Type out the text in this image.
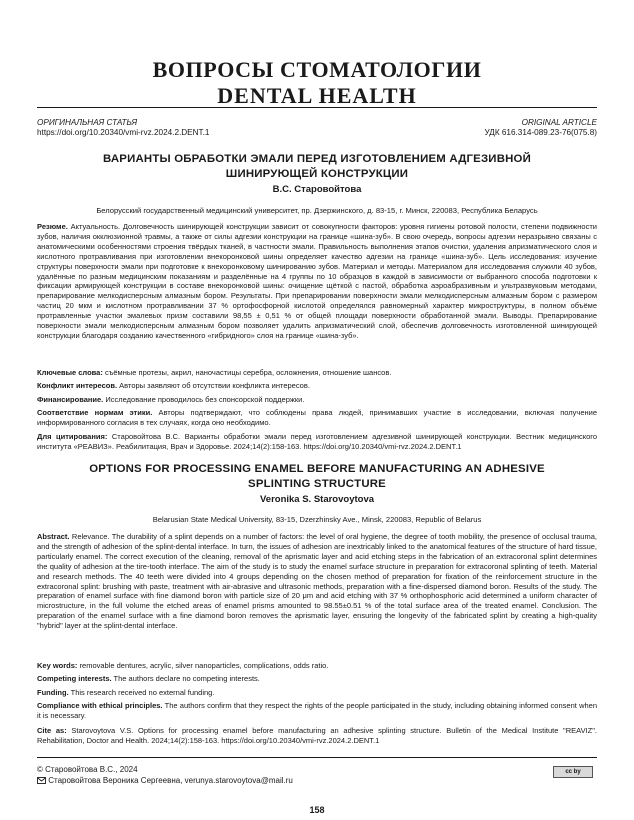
ВОПРОСЫ СТОМАТОЛОГИИ
DENTAL HEALTH
ОРИГИНАЛЬНАЯ СТАТЬЯ	ORIGINAL ARTICLE
https://doi.org/10.20340/vmi-rvz.2024.2.DENT.1	УДК 616.314-089.23-76(075.8)
ВАРИАНТЫ ОБРАБОТКИ ЭМАЛИ ПЕРЕД ИЗГОТОВЛЕНИЕМ АДГЕЗИВНОЙ
ШИНИРУЮЩЕЙ КОНСТРУКЦИИ
В.С. Старовойтова
Белорусский государственный медицинский университет, пр. Дзержинского, д. 83-15, г. Минск, 220083, Республика Беларусь
Резюме. Актуальность. Долговечность шинирующей конструкции зависит от совокупности факторов: уровня гигиены ротовой полости, степени подвижности зубов, наличия окклюзионной травмы, а также от силы адгезии конструкции на границе «шина-зуб». В свою очередь, вопросы адгезии неразрывно связаны с анатомическими особенностями строения твёрдых тканей, в частности эмали. Правильность выполнения этапов очистки, удаления апризматического слоя и кислотного протравливания при изготовлении внекоронковой шины определяет качество адгезии на границе «шина-зуб». Цель исследования: изучение структуры поверхности эмали при подготовке к внекоронковому шинированию зубов. Материал и методы. Материалом для исследования служили 40 зубов, удалённые по разным медицинским показаниям и разделённые на 4 группы по 10 образцов в каждой в зависимости от выбранного способа подготовки к фиксации армирующей конструкции в составе внекоронковой шины: очищение щёткой с пастой, обработка аэроабразивным и ультразвуковым методами, препарирование мелкодисперсным алмазным бором. Результаты. При препарировании поверхности эмали мелкодисперсным алмазным бором с размером частиц 20 мкм и кислотном протравливании 37 % ортофосфорной кислотой определялся равномерный характер микроструктуры, в полном объёме протравленные участки эмалевых призм составили 98,55 ± 0,51 % от общей площади поверхности обработанной эмали. Выводы. Препарирование поверхности эмали мелкодисперсным алмазным бором позволяет удалить апризматический слой, обеспечив долговечность изготовленной шинирующей конструкции благодаря созданию качественного «гибридного» слоя на границе «шина-зуб».
Ключевые слова: съёмные протезы, акрил, наночастицы серебра, осложнения, отношение шансов.
Конфликт интересов. Авторы заявляют об отсутствии конфликта интересов.
Финансирование. Исследование проводилось без спонсорской поддержки.
Соответствие нормам этики. Авторы подтверждают, что соблюдены права людей, принимавших участие в исследовании, включая получение информированного согласия в тех случаях, когда оно необходимо.
Для цитирования: Старовойтова В.С. Варианты обработки эмали перед изготовлением адгезивной шинирующей конструкции. Вестник медицинского института «РЕАВИЗ». Реабилитация, Врач и Здоровье. 2024;14(2):158-163. https://doi.org/10.20340/vmi-rvz.2024.2.DENT.1
OPTIONS FOR PROCESSING ENAMEL BEFORE MANUFACTURING AN ADHESIVE
SPLINTING STRUCTURE
Veronika S. Starovoytova
Belarusian State Medical University, 83-15, Dzerzhinsky Ave., Minsk, 220083, Republic of Belarus
Abstract. Relevance. The durability of a splint depends on a number of factors: the level of oral hygiene, the degree of tooth mobility, the presence of occlusal trauma, and the strength of adhesion of the splint-dental interface. In turn, the issues of adhesion are inextricably linked to the anatomical features of the structure of hard tissue, particularly enamel. The correct execution of the cleaning, removal of the aprismatic layer and acid etching steps in the fabrication of an extracoronal splint determines the quality of adhesion at the tire-tooth interface. The aim of the study is to study the enamel surface structure in preparation for extracoronal splinting of teeth. Material and research methods. The 40 teeth were divided into 4 groups depending on the chosen method of preparation for fixation of the reinforcement structure in the extracoronal splint: brushing with paste, treatment with air-abrasive and ultrasonic methods, preparation with a fine-dispersed diamond boron. Results of the study. The preparation of enamel surface with fine diamond boron with particle size of 20 μm and acid etching with 37 % orthophosphoric acid determined a uniform character of microstructure, in the full volume the etched areas of enamel prisms amounted to 98.55±0.51 % of the total surface area of the treated enamel. Conclusion. The preparation of the enamel surface with a fine diamond boron removes the aprismatic layer, ensuring the longevity of the fabricated splint by creating a high-quality "hybrid" layer at the splint-dental interface.
Key words: removable dentures, acrylic, silver nanoparticles, complications, odds ratio.
Competing interests. The authors declare no competing interests.
Funding. This research received no external funding.
Compliance with ethical principles. The authors confirm that they respect the rights of the people participated in the study, including obtaining informed consent when it is necessary.
Cite as: Starovoytova V.S. Options for processing enamel before manufacturing an adhesive splinting structure. Bulletin of the Medical Institute "REAVIZ". Rehabilitation, Doctor and Health. 2024;14(2):158-163. https://doi.org/10.20340/vmi-rvz.2024.2.DENT.1
© Старовойтова В.С., 2024
Старовойтова Вероника Сергеевна, verunya.starovoytova@mail.ru
cc by
158
